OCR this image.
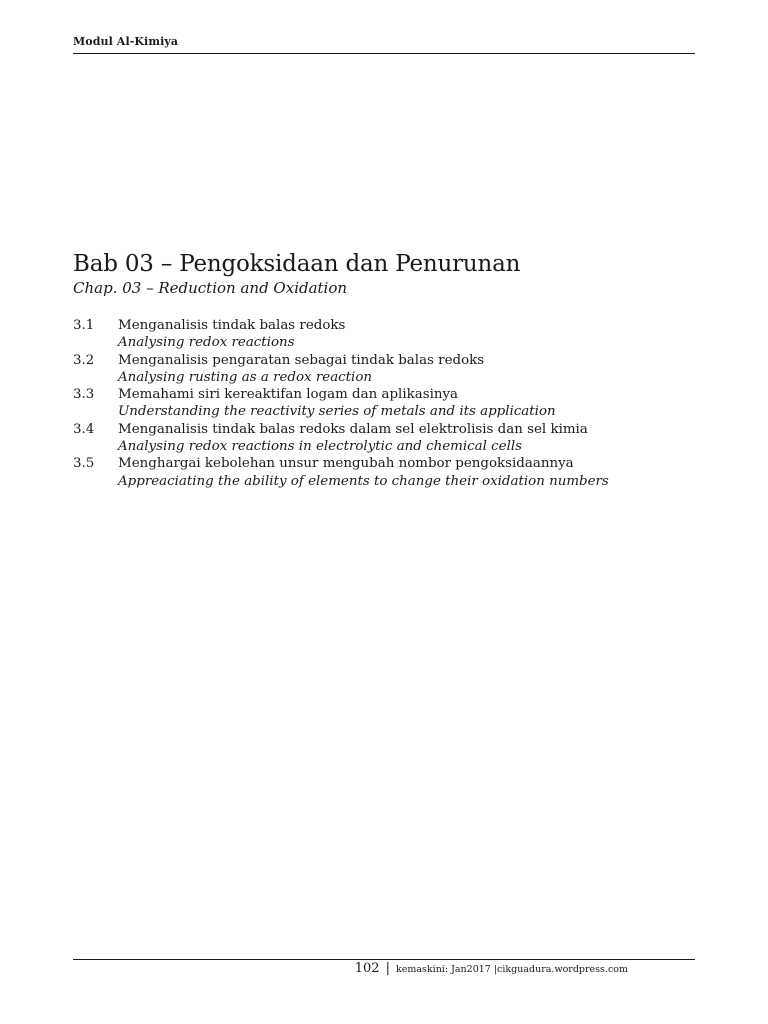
Modul Al-Kimiya
Bab 03 – Pengoksidaan dan Penurunan
Chap. 03 – Reduction and Oxidation
3.1 Menganalisis tindak balas redoks
Analysing redox reactions
3.2 Menganalisis pengaratan sebagai tindak balas redoks
Analysing rusting as a redox reaction
3.3 Memahami siri kereaktifan logam dan aplikasinya
Understanding the reactivity series of metals and its application
3.4 Menganalisis tindak balas redoks dalam sel elektrolisis dan sel kimia
Analysing redox reactions in electrolytic and chemical cells
3.5 Menghargai kebolehan unsur mengubah nombor pengoksidaannya
Appreaciating the ability of elements to change their oxidation numbers
102 | kemaskini: Jan2017 |cikguadura.wordpress.com
